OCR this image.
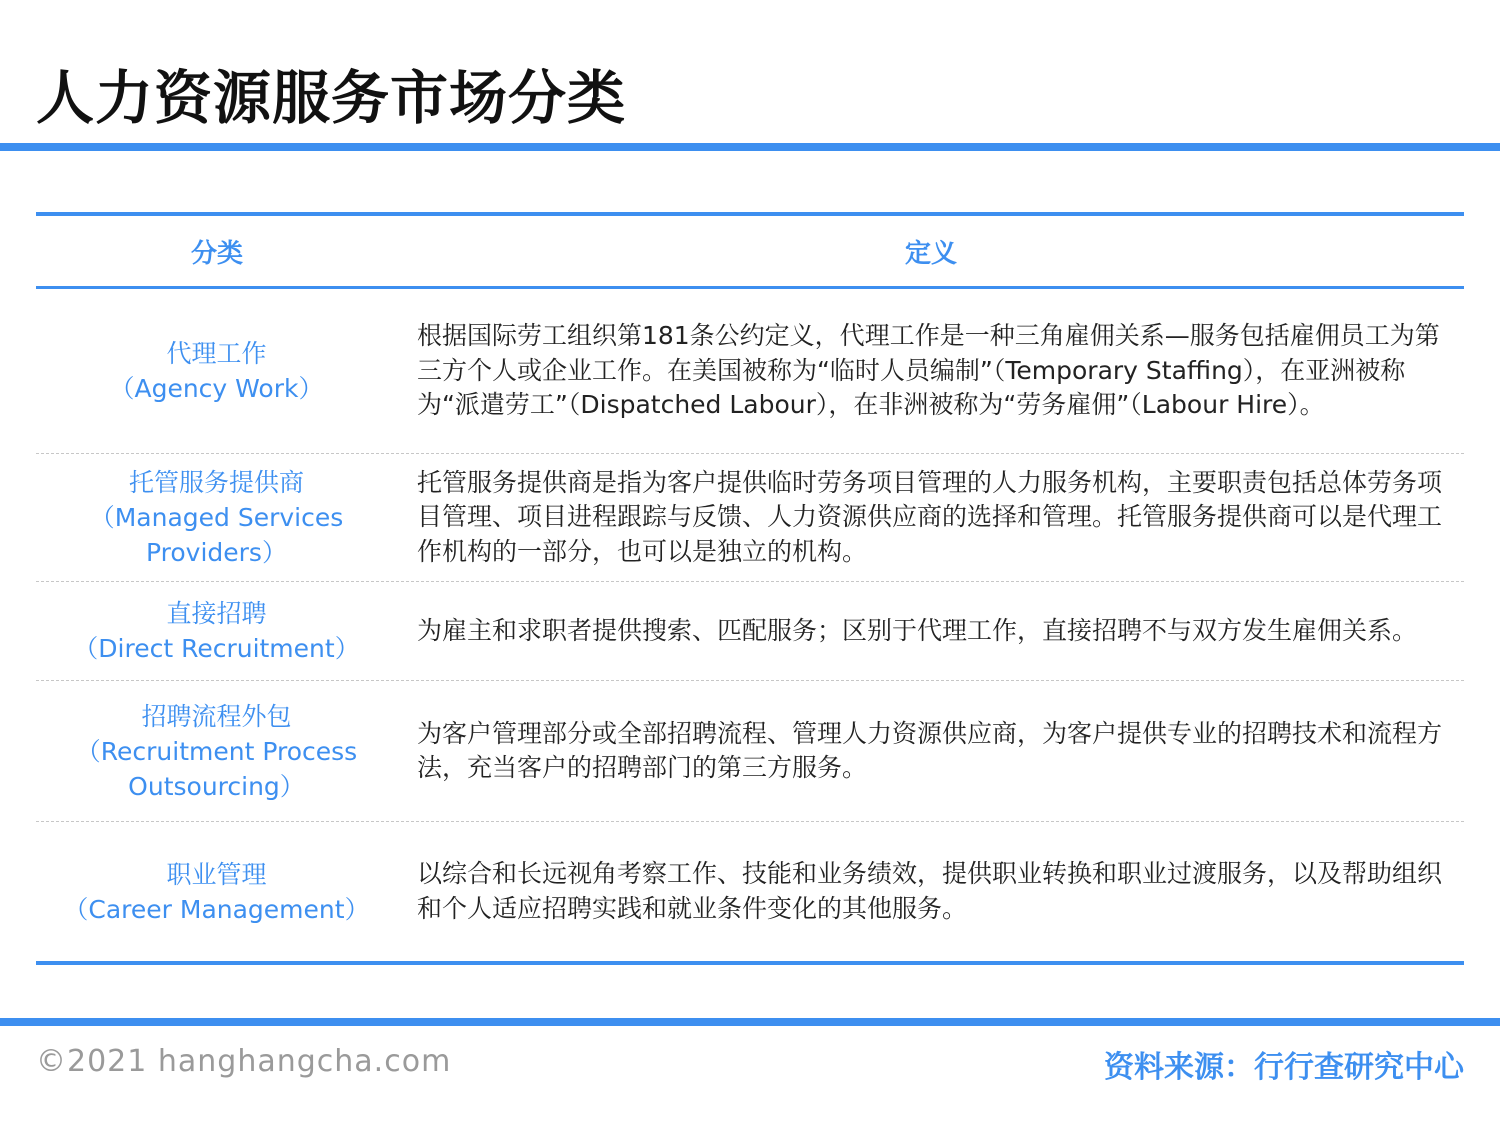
人力资源服务市场分类
分类	定义
代理工作
（Agency Work）
根据国际劳工组织第181条公约定义，代理工作是一种三角雇佣关系—服务包括雇佣员工为第三方个人或企业工作。在美国被称为“临时人员编制”（Temporary Staffing），在亚洲被称为“派遣劳工”（Dispatched Labour），在非洲被称为“劳务雇佣”（Labour Hire）。
托管服务提供商
（Managed Services
Providers）
托管服务提供商是指为客户提供临时劳务项目管理的人力服务机构，主要职责包括总体劳务项目管理、项目进程跟踪与反馈、人力资源供应商的选择和管理。托管服务提供商可以是代理工作机构的一部分，也可以是独立的机构。
直接招聘
（Direct Recruitment）
为雇主和求职者提供搜索、匹配服务；区别于代理工作，直接招聘不与双方发生雇佣关系。
招聘流程外包
（Recruitment Process
Outsourcing）
为客户管理部分或全部招聘流程、管理人力资源供应商，为客户提供专业的招聘技术和流程方法，充当客户的招聘部门的第三方服务。
职业管理
（Career Management）
以综合和长远视角考察工作、技能和业务绩效，提供职业转换和职业过渡服务，以及帮助组织和个人适应招聘实践和就业条件变化的其他服务。
©2021 hanghangcha.com	资料来源：行行查研究中心
